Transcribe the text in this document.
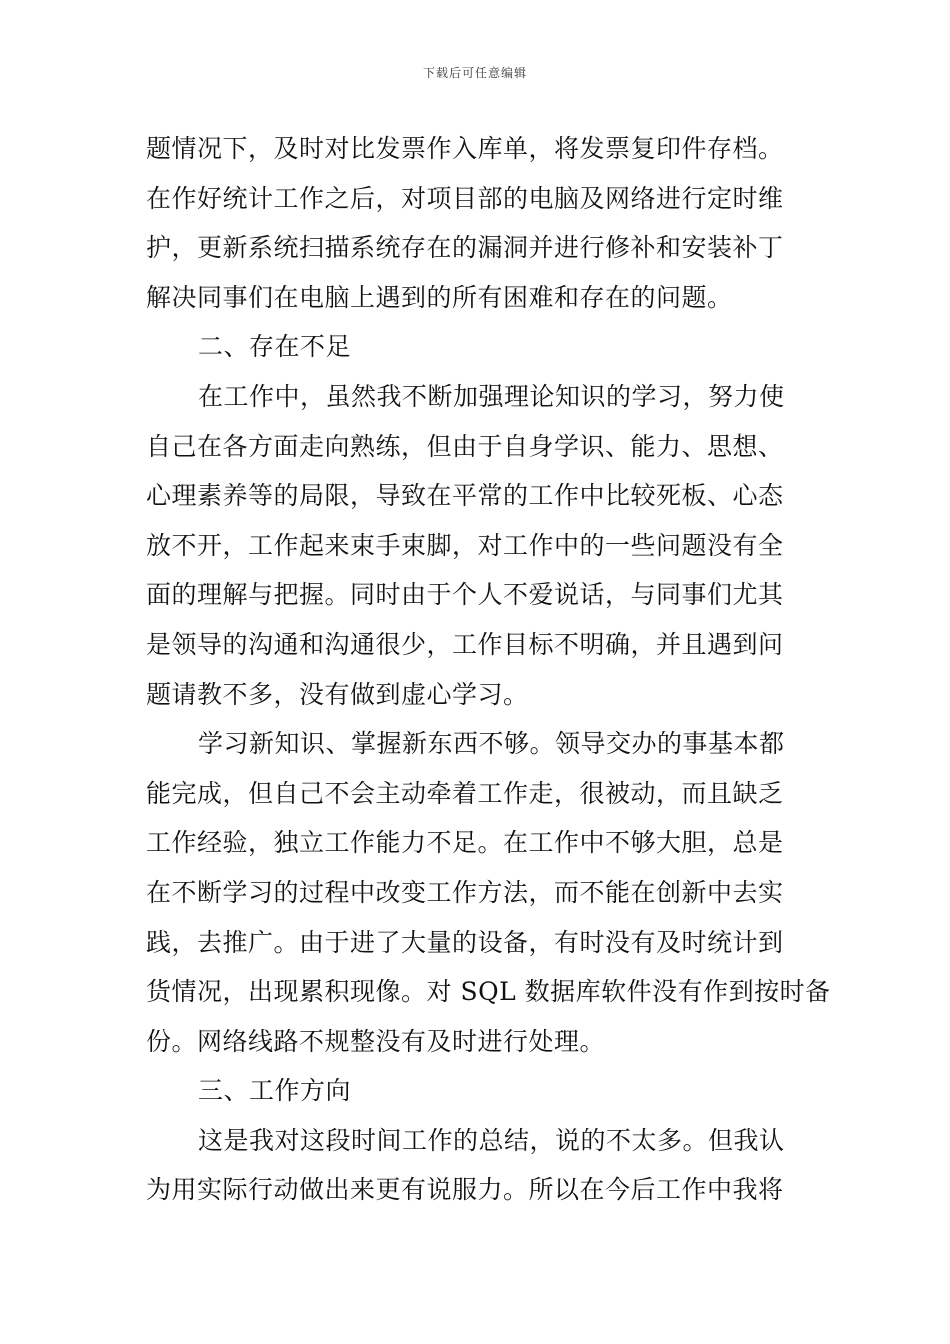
下载后可任意编辑
题情况下，及时对比发票作入库单，将发票复印件存档。
在作好统计工作之后，对项目部的电脑及网络进行定时维
护，更新系统扫描系统存在的漏洞并进行修补和安装补丁
解决同事们在电脑上遇到的所有困难和存在的问题。
二、存在不足
在工作中，虽然我不断加强理论知识的学习，努力使
自己在各方面走向熟练，但由于自身学识、能力、思想、
心理素养等的局限，导致在平常的工作中比较死板、心态
放不开，工作起来束手束脚，对工作中的一些问题没有全
面的理解与把握。同时由于个人不爱说话，与同事们尤其
是领导的沟通和沟通很少，工作目标不明确，并且遇到问
题请教不多，没有做到虚心学习。
学习新知识、掌握新东西不够。领导交办的事基本都
能完成，但自己不会主动牵着工作走，很被动，而且缺乏
工作经验，独立工作能力不足。在工作中不够大胆，总是
在不断学习的过程中改变工作方法，而不能在创新中去实
践，去推广。由于进了大量的设备，有时没有及时统计到
货情况，出现累积现像。对 SQL 数据库软件没有作到按时备
份。网络线路不规整没有及时进行处理。
三、工作方向
这是我对这段时间工作的总结，说的不太多。但我认
为用实际行动做出来更有说服力。所以在今后工作中我将
